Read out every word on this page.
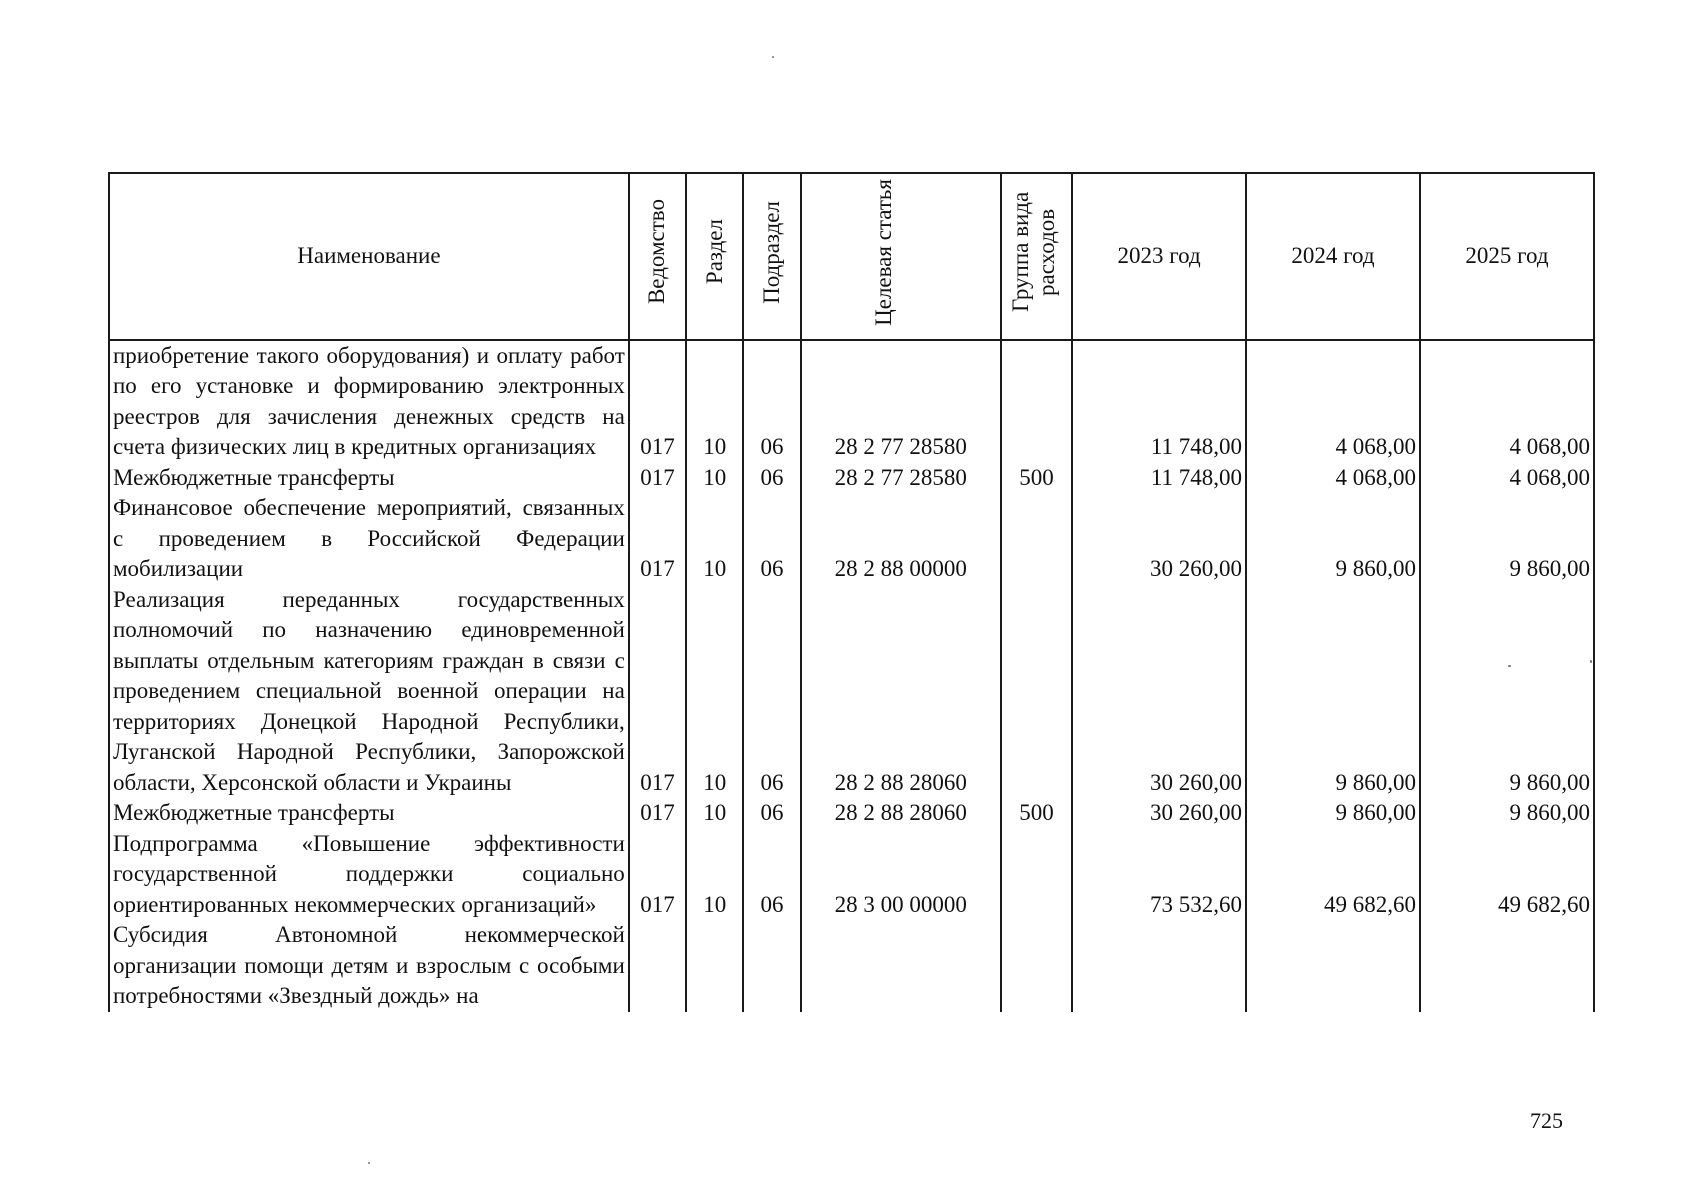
Наименование	Ведомство	Раздел	Подраздел	Целевая статья	Группа вида расходов	2023 год	2024 год	2025 год
приобретение такого оборудования) и оплату работ по его установке и формированию электронных реестров для зачисления денежных средств на счета физических лиц в кредитных организациях	017	10	06	28 2 77 28580		11 748,00	4 068,00	4 068,00
Межбюджетные трансферты	017	10	06	28 2 77 28580	500	11 748,00	4 068,00	4 068,00
Финансовое обеспечение мероприятий, связанных с проведением в Российской Федерации мобилизации	017	10	06	28 2 88 00000		30 260,00	9 860,00	9 860,00
Реализация переданных государственных полномочий по назначению единовременной выплаты отдельным категориям граждан в связи с проведением специальной военной операции на территориях Донецкой Народной Республики, Луганской Народной Республики, Запорожской области, Херсонской области и Украины	017	10	06	28 2 88 28060		30 260,00	9 860,00	9 860,00
Межбюджетные трансферты	017	10	06	28 2 88 28060	500	30 260,00	9 860,00	9 860,00
Подпрограмма «Повышение эффективности государственной поддержки социально ориентированных некоммерческих организаций»	017	10	06	28 3 00 00000		73 532,60	49 682,60	49 682,60
Субсидия Автономной некоммерческой организации помощи детям и взрослым с особыми потребностями «Звездный дождь» на								
725
